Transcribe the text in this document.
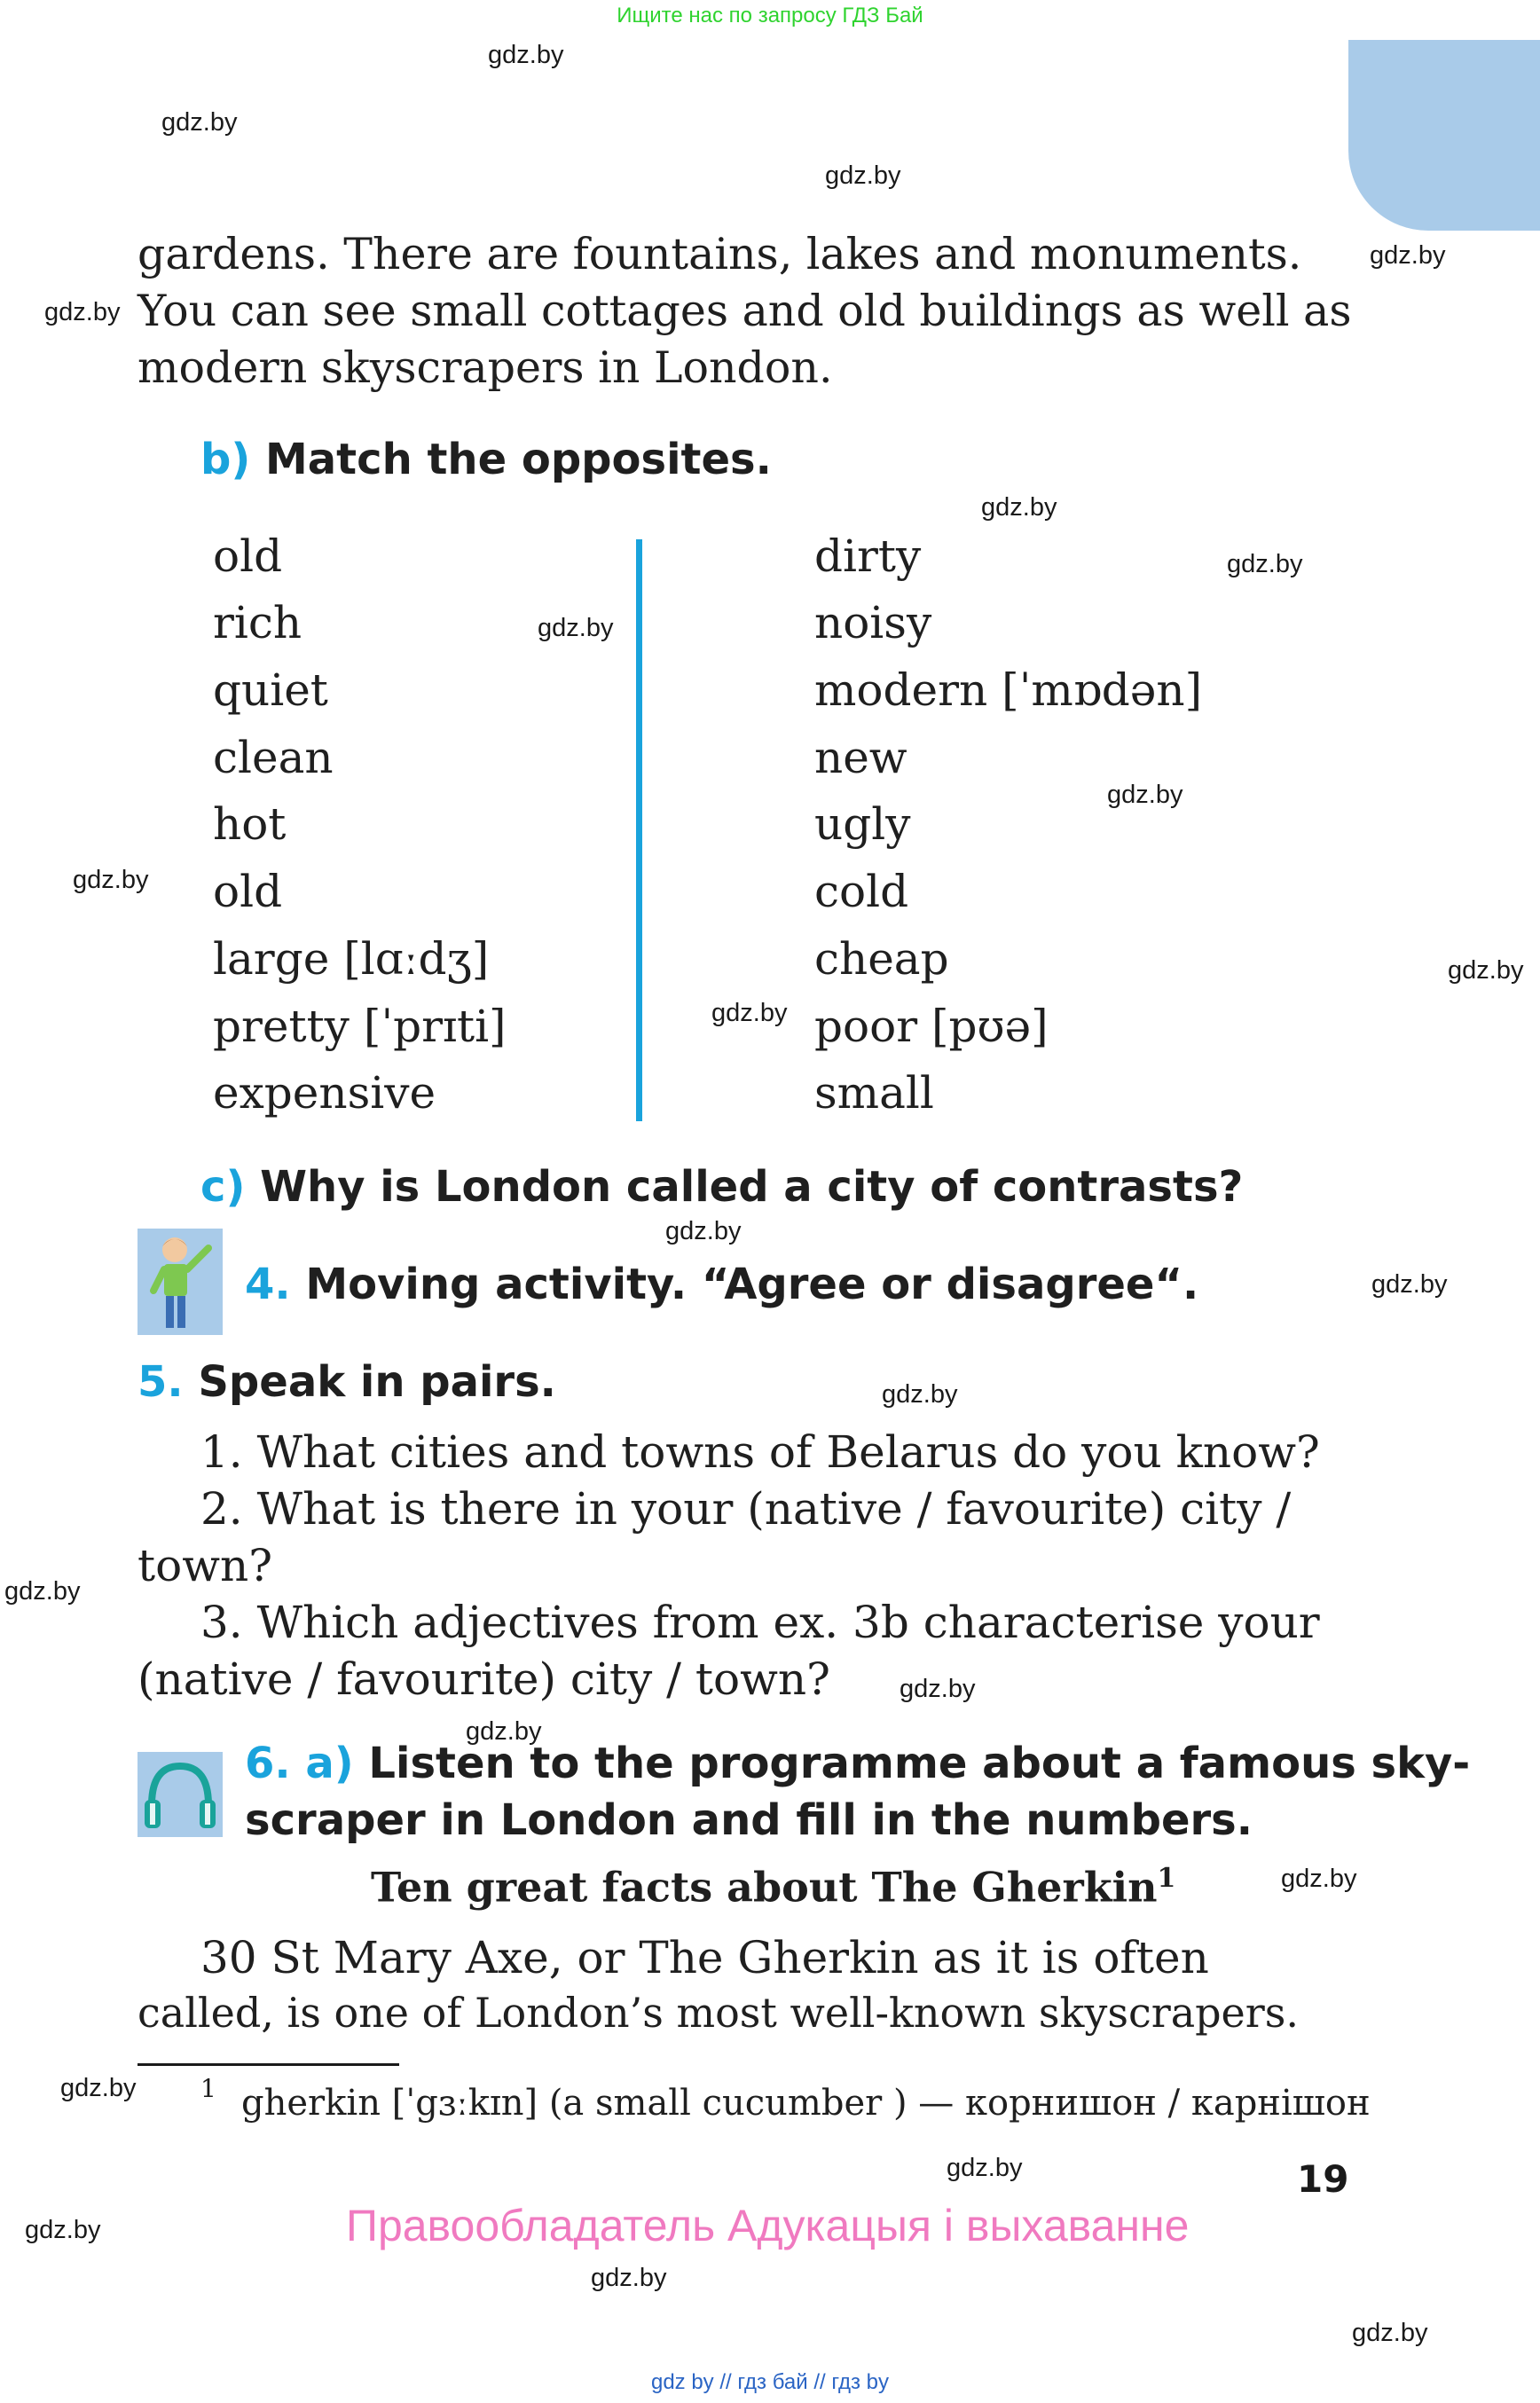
Ищите нас по запросу ГДЗ Бай
gardens. There are fountains, lakes and monuments.
You can see small cottages and old buildings as well as
modern skyscrapers in London.
b) Match the opposites.
old
rich
quiet
clean
hot
old
large [lɑːdʒ]
pretty [ˈprɪti]
expensive
dirty
noisy
modern [ˈmɒdən]
new
ugly
cold
cheap
poor [pʊə]
small
c) Why is London called a city of contrasts?
4. Moving activity. “Agree or disagree“.
5. Speak in pairs.
1. What cities and towns of Belarus do you know?
2. What is there in your (native / favourite) city /
town?
3. Which adjectives from ex. 3b characterise your
(native / favourite) city / town?
6. a) Listen to the programme about a famous sky-
scraper in London and fill in the numbers.
Ten great facts about The Gherkin$^1$
30 St Mary Axe, or The Gherkin as it is often
called, is one of London’s most well-known skyscrapers.
1 gherkin [ˈgɜːkɪn] (a small cucumber ) — корнишон / карнішон
19
Правообладатель Адукацыя і выхаванне
gdz by // гдз бай // гдз by
gdz.by
gdz.by
gdz.by
gdz.by
gdz.by
gdz.by
gdz.by
gdz.by
gdz.by
gdz.by
gdz.by
gdz.by
gdz.by
gdz.by
gdz.by
gdz.by
gdz.by
gdz.by
gdz.by
gdz.by
gdz.by
gdz.by
gdz.by
gdz.by
